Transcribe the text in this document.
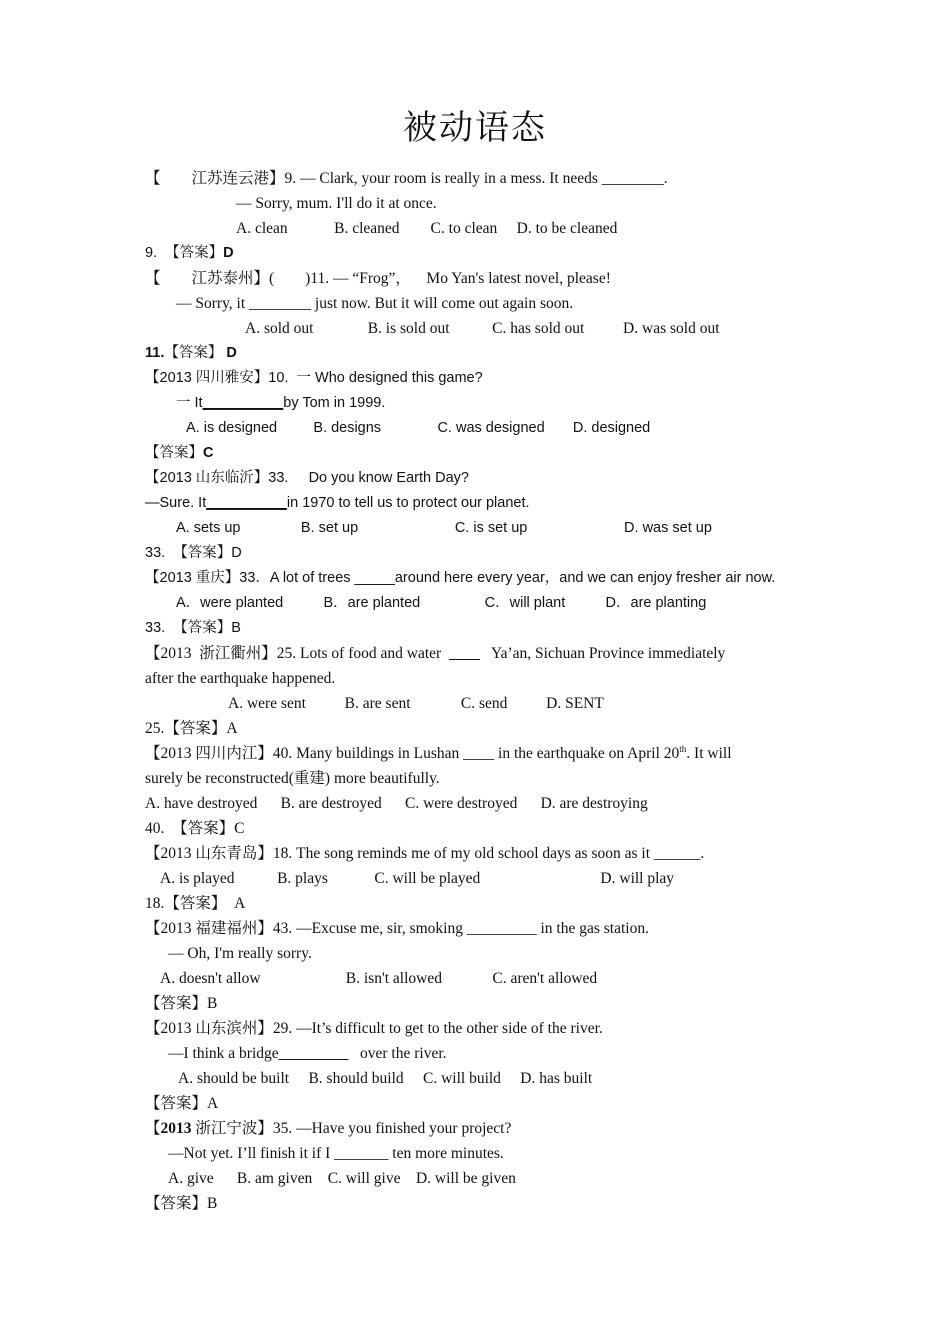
被动语态
【        江苏连云港】9. — Clark, your room is really in a mess. It needs ________.
— Sorry, mum. I'll do it at once.
A. clean            B. cleaned        C. to clean     D. to be cleaned
9.  【答案】D
【        江苏泰州】(        )11. — “Frog”，    Mo Yan's latest novel, please!
— Sorry, it ________ just now. But it will come out again soon.
A. sold out              B. is sold out           C. has sold out          D. was sold out
11.【答案】 D
【2013 四川雅安】10.  一 Who designed this game?
一 It__________by Tom in 1999.
A. is designed         B. designs              C. was designed       D. designed
【答案】C
【2013 山东临沂】33.     Do you know Earth Day?
—Sure. It__________in 1970 to tell us to protect our planet.
A. sets up               B. set up                        C. is set up                        D. was set up
33.  【答案】D
【2013 重庆】33．A lot of trees _____around here every year，and we can enjoy fresher air now.
A．were planted          B．are planted                C．will plant          D．are planting
33.  【答案】B
【2013  浙江衢州】25. Lots of food and water             Ya’an, Sichuan Province immediately
after the earthquake happened.
A. were sent          B. are sent             C. send          D. SENT
25.【答案】A
【2013 四川内江】40. Many buildings in Lushan ____ in the earthquake on April 20th. It will
surely be reconstructed(重建) more beautifully.
A. have destroyed      B. are destroyed      C. were destroyed      D. are destroying
40.  【答案】C
【2013 山东青岛】18. The song reminds me of my old school days as soon as it ______.
A. is played           B. plays            C. will be played                               D. will play
18.【答案】  A
【2013 福建福州】43. —Excuse me, sir, smoking _________ in the gas station.
— Oh, I'm really sorry.
A. doesn't allow                      B. isn't allowed             C. aren't allowed
【答案】B
【2013 山东滨州】29. —It’s difficult to get to the other side of the river.
—I think a bridge_________   over the river.
A. should be built     B. should build     C. will build     D. has built
【答案】A
【2013 浙江宁波】35. —Have you finished your project?
—Not yet. I’ll finish it if I _______ ten more minutes.
A. give      B. am given    C. will give    D. will be given
【答案】B
